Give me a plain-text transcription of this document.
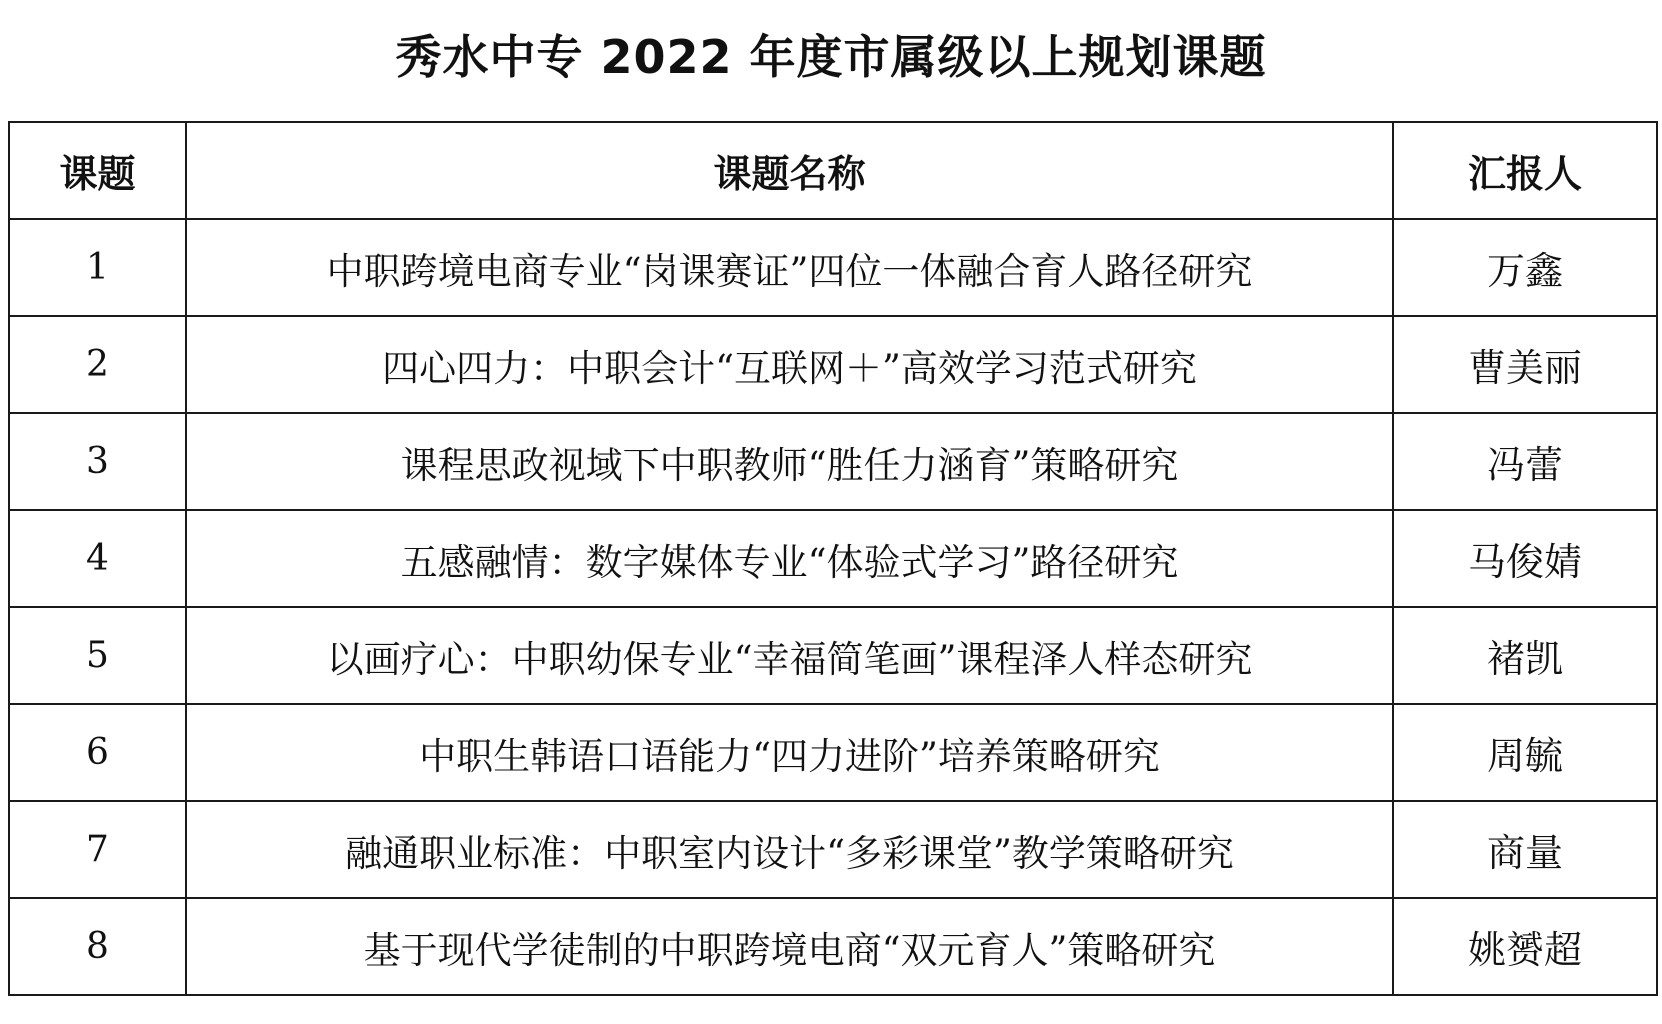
秀水中专 2022 年度市属级以上规划课题
课题	课题名称	汇报人
1	中职跨境电商专业“岗课赛证”四位一体融合育人路径研究	万鑫
2	四心四力：中职会计“互联网＋”高效学习范式研究	曹美丽
3	课程思政视域下中职教师“胜任力涵育”策略研究	冯蕾
4	五感融情：数字媒体专业“体验式学习”路径研究	马俊婧
5	以画疗心：中职幼保专业“幸福简笔画”课程泽人样态研究	褚凯
6	中职生韩语口语能力“四力进阶”培养策略研究	周毓
7	融通职业标准：中职室内设计“多彩课堂”教学策略研究	商量
8	基于现代学徒制的中职跨境电商“双元育人”策略研究	姚赟超
